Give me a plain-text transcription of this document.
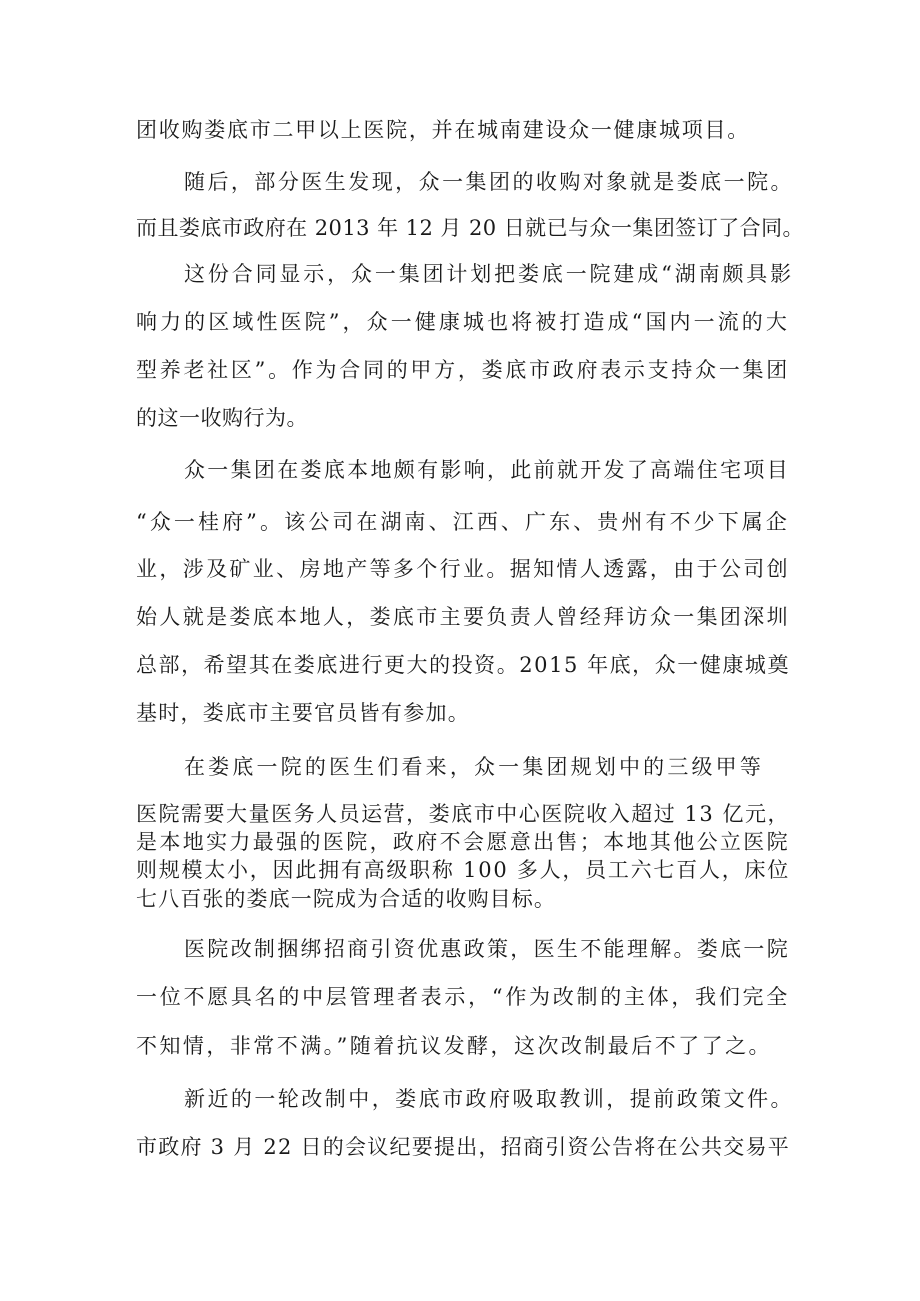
团收购娄底市二甲以上医院，并在城南建设众一健康城项目。
随后，部分医生发现，众一集团的收购对象就是娄底一院。
而且娄底市政府在 2013 年 12 月 20 日就已与众一集团签订了合同。
这份合同显示，众一集团计划把娄底一院建成“湖南颇具影
响力的区域性医院”，众一健康城也将被打造成“国内一流的大
型养老社区”。作为合同的甲方，娄底市政府表示支持众一集团
的这一收购行为。
众一集团在娄底本地颇有影响，此前就开发了高端住宅项目
“众一桂府”。该公司在湖南、江西、广东、贵州有不少下属企
业，涉及矿业、房地产等多个行业。据知情人透露，由于公司创
始人就是娄底本地人，娄底市主要负责人曾经拜访众一集团深圳
总部，希望其在娄底进行更大的投资。2015 年底，众一健康城奠
基时，娄底市主要官员皆有参加。
在娄底一院的医生们看来，众一集团规划中的三级甲等
医院需要大量医务人员运营，娄底市中心医院收入超过 13 亿元，
是本地实力最强的医院，政府不会愿意出售；本地其他公立医院
则规模太小，因此拥有高级职称 100 多人，员工六七百人，床位
七八百张的娄底一院成为合适的收购目标。
医院改制捆绑招商引资优惠政策，医生不能理解。娄底一院
一位不愿具名的中层管理者表示，“作为改制的主体，我们完全
不知情，非常不满。”随着抗议发酵，这次改制最后不了了之。
新近的一轮改制中，娄底市政府吸取教训，提前政策文件。
市政府 3 月 22 日的会议纪要提出，招商引资公告将在公共交易平
